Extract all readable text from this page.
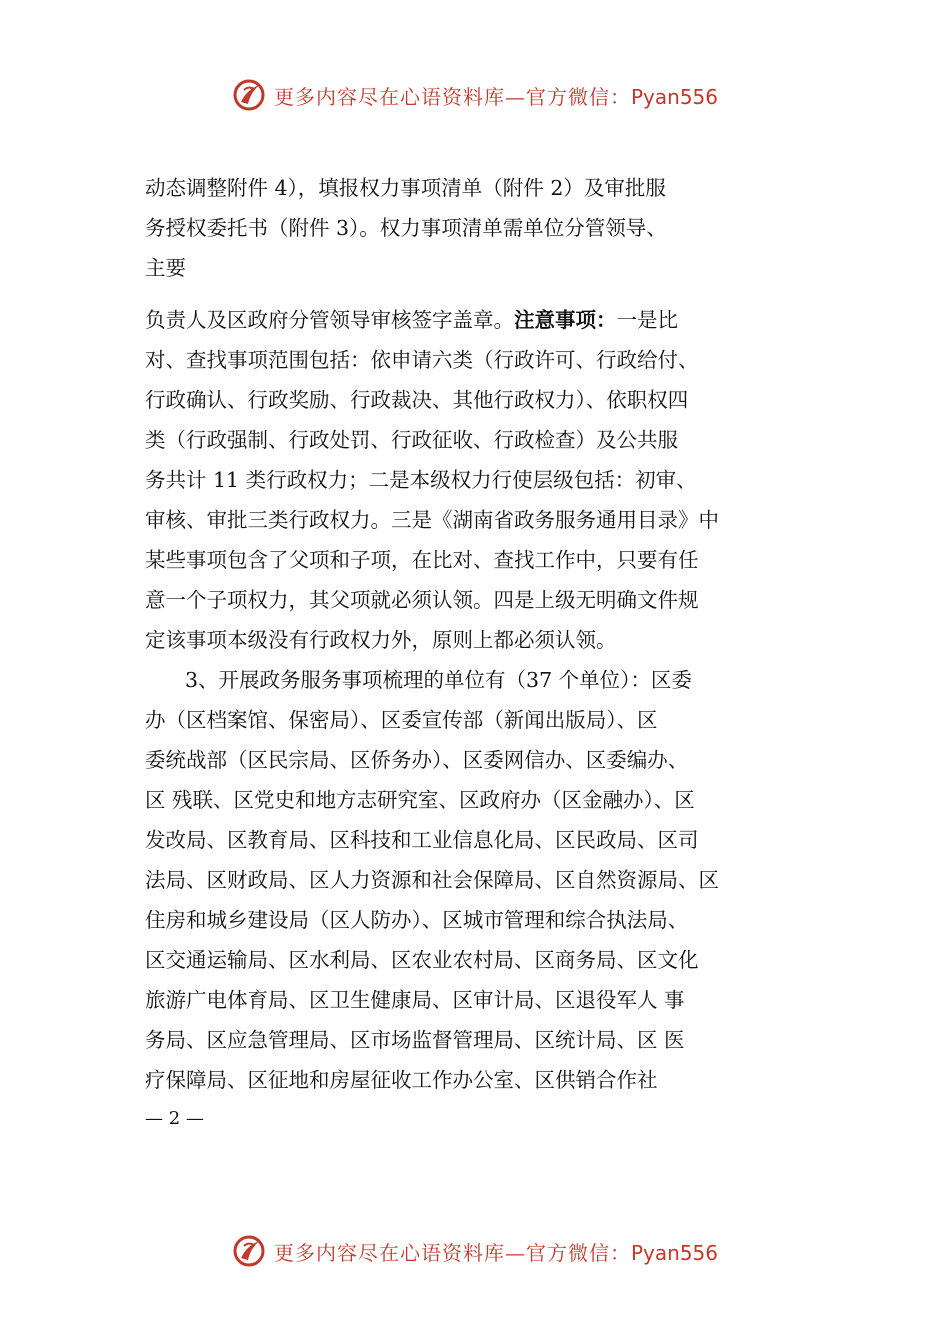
更多内容尽在心语资料库—官方微信：Pyan556
动态调整附件 4），填报权力事项清单（附件 2）及审批服
务授权委托书（附件 3）。权力事项清单需单位分管领导、
主要
负责人及区政府分管领导审核签字盖章。注意事项：一是比
对、查找事项范围包括：依申请六类（行政许可、行政给付、
行政确认、行政奖励、行政裁决、其他行政权力）、依职权四
类（行政强制、行政处罚、行政征收、行政检查）及公共服
务共计 11 类行政权力；二是本级权力行使层级包括：初审、
审核、审批三类行政权力。三是《湖南省政务服务通用目录》中
某些事项包含了父项和子项，在比对、查找工作中，只要有任
意一个子项权力，其父项就必须认领。四是上级无明确文件规
定该事项本级没有行政权力外，原则上都必须认领。
3、开展政务服务事项梳理的单位有（37 个单位）：区委
办（区档案馆、保密局）、区委宣传部（新闻出版局）、区
委统战部（区民宗局、区侨务办）、区委网信办、区委编办、
区 残联、区党史和地方志研究室、区政府办（区金融办）、区
发改局、区教育局、区科技和工业信息化局、区民政局、区司
法局、区财政局、区人力资源和社会保障局、区自然资源局、区
住房和城乡建设局（区人防办）、区城市管理和综合执法局、
区交通运输局、区水利局、区农业农村局、区商务局、区文化
旅游广电体育局、区卫生健康局、区审计局、区退役军人 事
务局、区应急管理局、区市场监督管理局、区统计局、区 医
疗保障局、区征地和房屋征收工作办公室、区供销合作社
— 2 —
更多内容尽在心语资料库—官方微信：Pyan556
